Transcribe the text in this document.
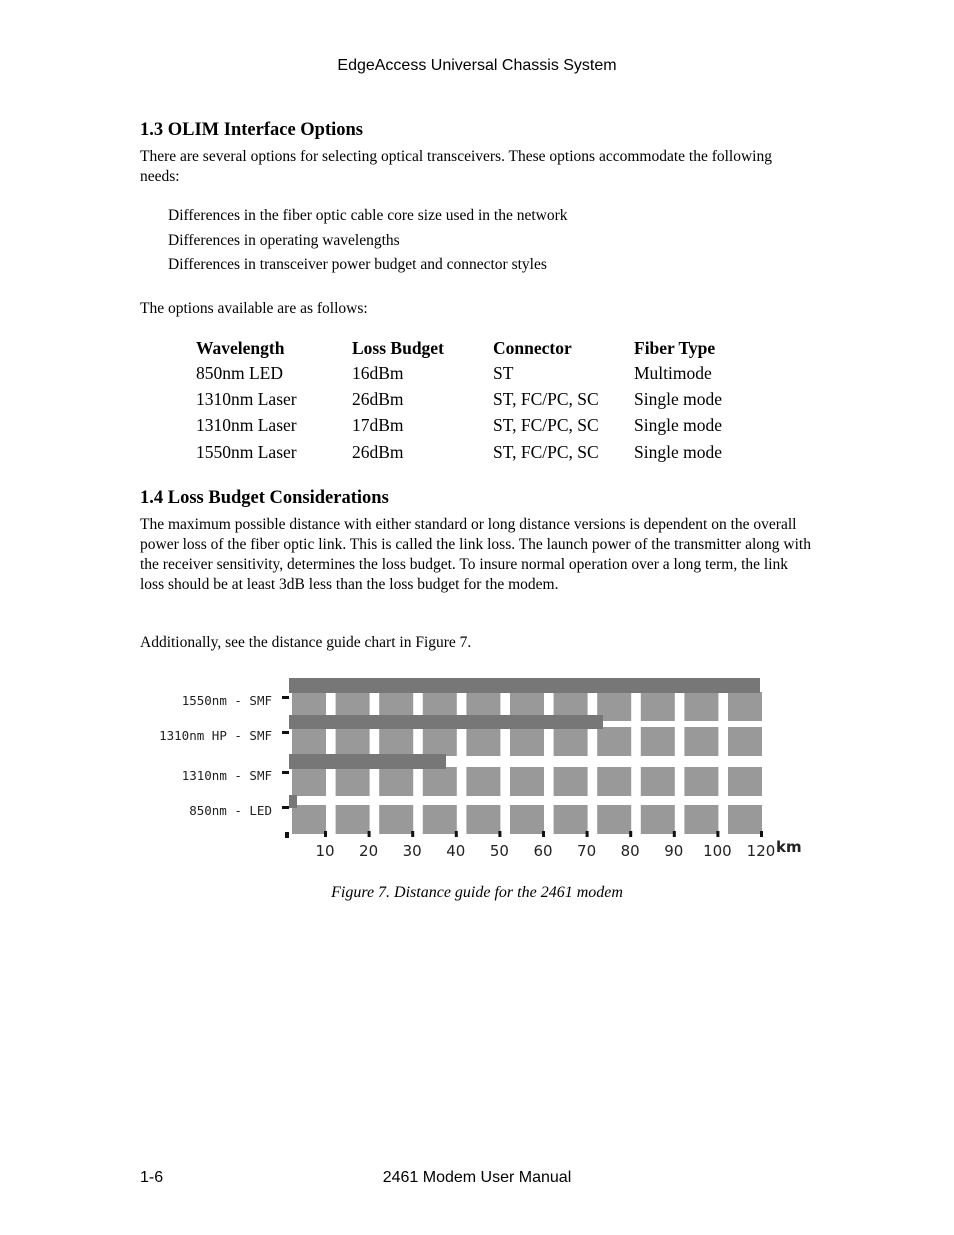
EdgeAccess Universal Chassis System
1.3 OLIM Interface Options
There are several options for selecting optical transceivers. These options accommodate the following needs:
Differences in the fiber optic cable core size used in the network
Differences in operating wavelengths
Differences in transceiver power budget and connector styles
The options available are as follows:
Wavelength	Loss Budget	Connector	Fiber Type
850nm LED	16dBm	ST	Multimode
1310nm Laser	26dBm	ST, FC/PC, SC	Single mode
1310nm Laser	17dBm	ST, FC/PC, SC	Single mode
1550nm Laser	26dBm	ST, FC/PC, SC	Single mode
1.4 Loss Budget Considerations
The maximum possible distance with either standard or long distance versions is dependent on the overall power loss of the fiber optic link. This is called the link loss. The launch power of the transmitter along with the receiver sensitivity, determines the loss budget. To insure normal operation over a long term, the link loss should be at least 3dB less than the loss budget for the modem.
Additionally, see the distance guide chart in Figure 7.
1550nm - SMF
1310nm HP - SMF
1310nm - SMF
850nm - LED
10 20 30 40 50 60 70 80 90 100 120 km
Figure 7. Distance guide for the 2461 modem
1-6	2461 Modem User Manual
